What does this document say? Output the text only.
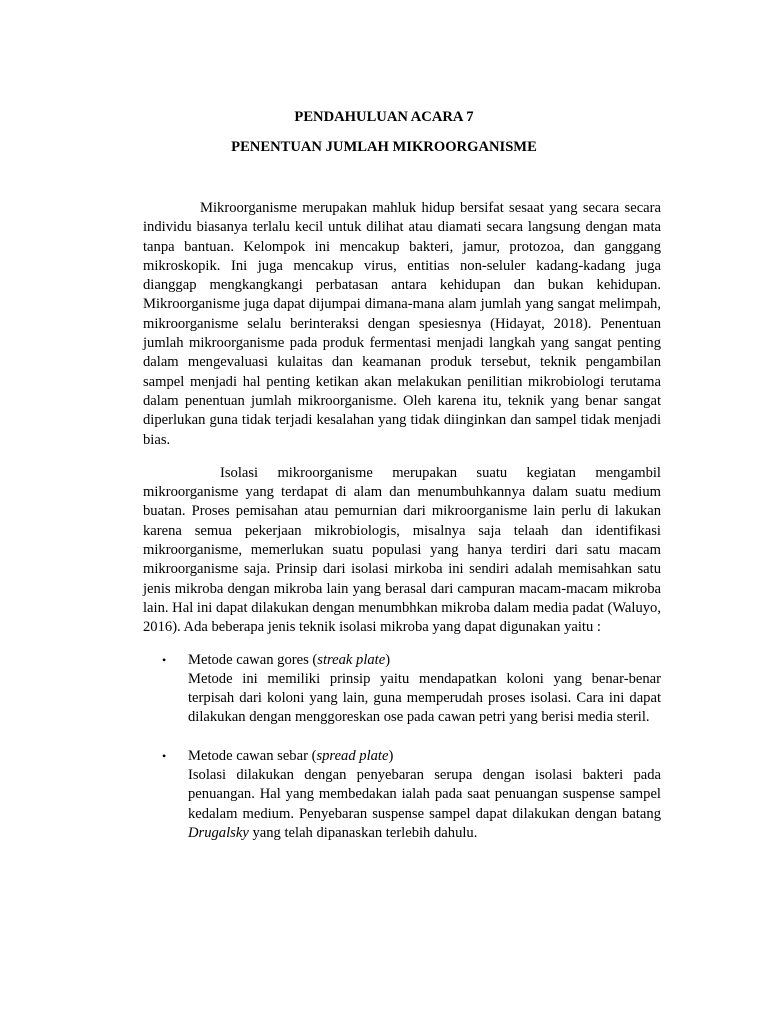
PENDAHULUAN ACARA 7
PENENTUAN JUMLAH MIKROORGANISME

Mikroorganisme merupakan mahluk hidup bersifat sesaat yang secara secara individu biasanya terlalu kecil untuk dilihat atau diamati secara langsung dengan mata tanpa bantuan. Kelompok ini mencakup bakteri, jamur, protozoa, dan ganggang mikroskopik. Ini juga mencakup virus, entitias non-seluler kadang-kadang juga dianggap mengkangkangi perbatasan antara kehidupan dan bukan kehidupan. Mikroorganisme juga dapat dijumpai dimana-mana alam jumlah yang sangat melimpah, mikroorganisme selalu berinteraksi dengan spesiesnya (Hidayat, 2018). Penentuan jumlah mikroorganisme pada produk fermentasi menjadi langkah yang sangat penting dalam mengevaluasi kulaitas dan keamanan produk tersebut, teknik pengambilan sampel menjadi hal penting ketikan akan melakukan penilitian mikrobiologi terutama dalam penentuan jumlah mikroorganisme. Oleh karena itu, teknik yang benar sangat diperlukan guna tidak terjadi kesalahan yang tidak diinginkan dan sampel tidak menjadi bias.

Isolasi mikroorganisme merupakan suatu kegiatan mengambil mikroorganisme yang terdapat di alam dan menumbuhkannya dalam suatu medium buatan. Proses pemisahan atau pemurnian dari mikroorganisme lain perlu di lakukan karena semua pekerjaan mikrobiologis, misalnya saja telaah dan identifikasi mikroorganisme, memerlukan suatu populasi yang hanya terdiri dari satu macam mikroorganisme saja. Prinsip dari isolasi mirkoba ini sendiri adalah memisahkan satu jenis mikroba dengan mikroba lain yang berasal dari campuran macam-macam mikroba lain. Hal ini dapat dilakukan dengan menumbhkan mikroba dalam media padat (Waluyo, 2016). Ada beberapa jenis teknik isolasi mikroba yang dapat digunakan yaitu :

•	Metode cawan gores (streak plate)

Metode ini memiliki prinsip yaitu mendapatkan koloni yang benar-benar terpisah dari koloni yang lain, guna memperudah proses isolasi. Cara ini dapat dilakukan dengan menggoreskan ose pada cawan petri yang berisi media steril.

•	Metode cawan sebar (spread plate)

Isolasi dilakukan dengan penyebaran serupa dengan isolasi bakteri pada penuangan. Hal yang membedakan ialah pada saat penuangan suspense sampel kedalam medium. Penyebaran suspense sampel dapat dilakukan dengan batang Drugalsky yang telah dipanaskan terlebih dahulu.
